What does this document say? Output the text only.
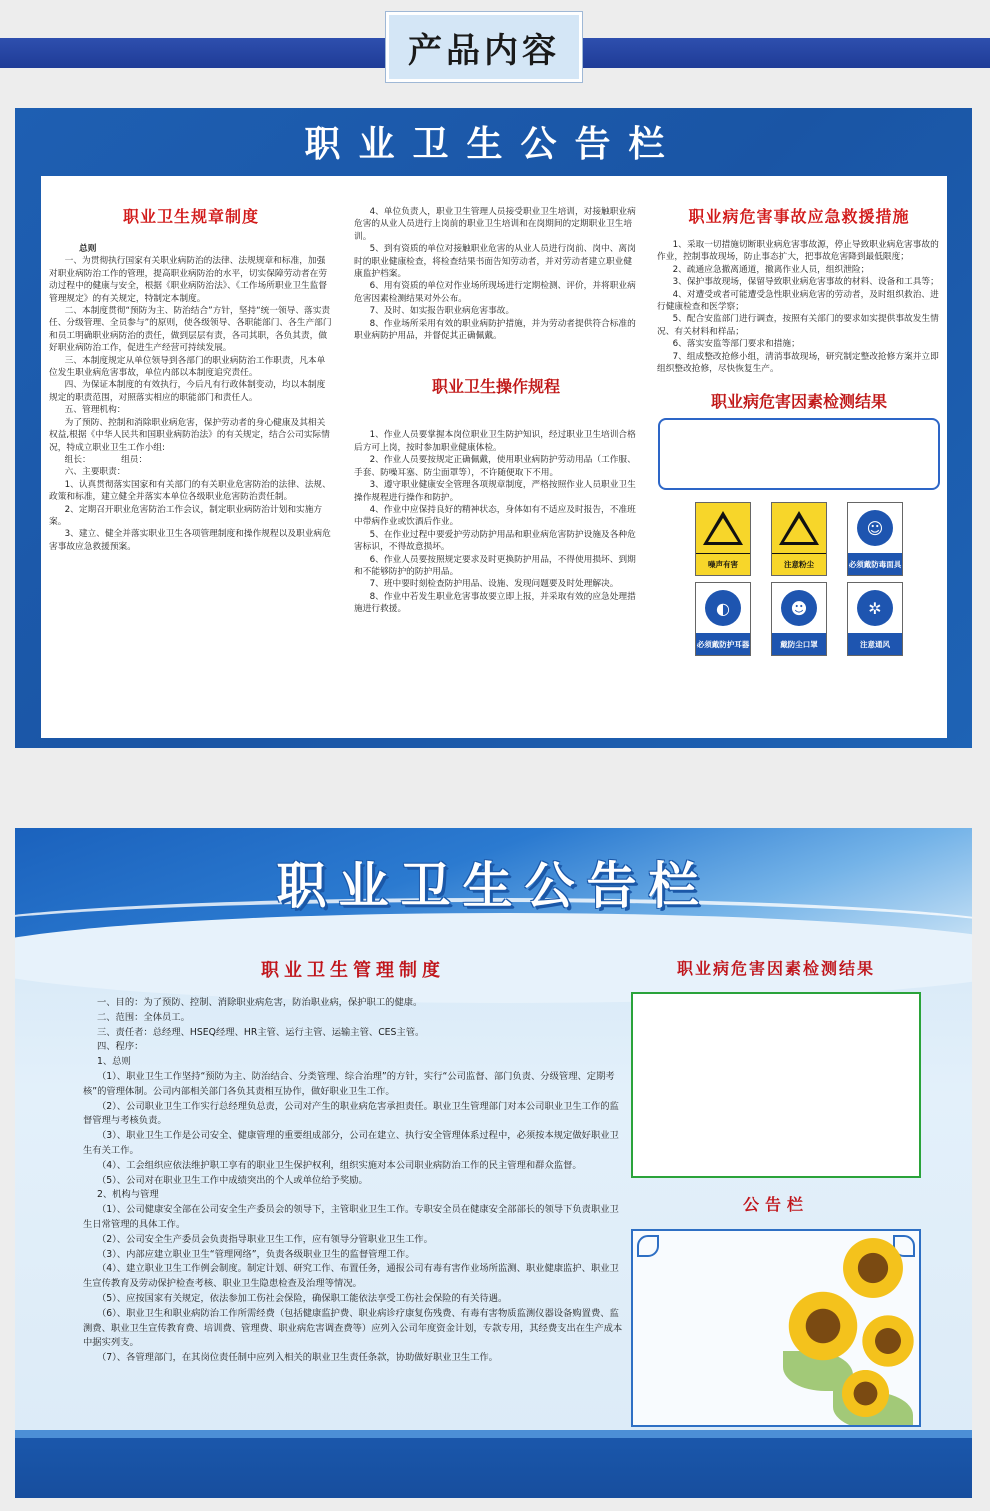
产品内容
职业卫生公告栏
职业卫生规章制度
总则
一、为贯彻执行国家有关职业病防治的法律、法规规章和标准，加强对职业病防治工作的管理，提高职业病防治的水平，切实保障劳动者在劳动过程中的健康与安全，根据《职业病防治法》、《工作场所职业卫生监督管理规定》的有关规定，特制定本制度。
二、本制度贯彻“预防为主、防治结合”方针，坚持“统一领导、落实责任、分级管理、全员参与”的原则，使各级领导、各职能部门、各生产部门和员工明确职业病防治的责任，做到层层有责，各司其职，各负其责，做好职业病防治工作，促进生产经营可持续发展。
三、本制度规定从单位领导到各部门的职业病防治工作职责，凡本单位发生职业病危害事故，单位内部以本制度追究责任。
四、为保证本制度的有效执行，今后凡有行政体制变动，均以本制度规定的职责范围，对照落实相应的职能部门和责任人。
五、管理机构：
为了预防、控制和消除职业病危害，保护劳动者的身心健康及其相关权益,根据《中华人民共和国职业病防治法》的有关规定，结合公司实际情况，特成立职业卫生工作小组:
组长：　　　　组员：
六、主要职责：
1、认真贯彻落实国家和有关部门的有关职业危害防治的法律、法规、政策和标准，建立健全并落实本单位各级职业危害防治责任制。
2、定期召开职业危害防治工作会议，制定职业病防治计划和实施方案。
3、建立、健全并落实职业卫生各项管理制度和操作规程以及职业病危害事故应急救援预案。
4、单位负责人，职业卫生管理人员接受职业卫生培训，对接触职业病危害的从业人员进行上岗前的职业卫生培训和在岗期间的定期职业卫生培训。
5、到有资质的单位对接触职业危害的从业人员进行岗前、岗中、离岗时的职业健康检查，将检查结果书面告知劳动者，并对劳动者建立职业健康监护档案。
6、用有资质的单位对作业场所现场进行定期检测、评价，并将职业病危害因素检测结果对外公布。
7、及时、如实报告职业病危害事故。
8、作业场所采用有效的职业病防护措施，并为劳动者提供符合标准的职业病防护用品，并督促其正确佩戴。
职业卫生操作规程
1、作业人员要掌握本岗位职业卫生防护知识，经过职业卫生培训合格后方可上岗，按时参加职业健康体检。
2、作业人员要按规定正确佩戴，使用职业病防护劳动用品（工作服、手套、防噪耳塞、防尘面罩等），不许随便取下不用。
3、遵守职业健康安全管理各项规章制度，严格按照作业人员职业卫生操作规程进行操作和防护。
4、作业中应保持良好的精神状态，身体如有不适应及时报告，不准班中带病作业或饮酒后作业。
5、在作业过程中要爱护劳动防护用品和职业病危害防护设施及各种危害标识，不得故意损坏。
6、作业人员要按照规定要求及时更换防护用品，不得使用损坏、到期和不能够防护的防护用品。
7、班中要时刻检查防护用品、设施、发现问题要及时处理解决。
8、作业中若发生职业危害事故要立即上报，并采取有效的应急处理措施进行救援。
职业病危害事故应急救援措施
1、采取一切措施切断职业病危害事故源，停止导致职业病危害事故的作业，控制事故现场，防止事态扩大，把事故危害降到最低限度；
2、疏通应急撤离通道，撤离作业人员，组织泄险；
3、保护事故现场，保留导致职业病危害事故的材料、设备和工具等；
4、对遭受或者可能遭受急性职业病危害的劳动者，及时组织救治、进行健康检查和医学察；
5、配合安监部门进行调查，按照有关部门的要求如实提供事故发生情况、有关材料和样品；
6、落实安监等部门要求和措施；
7、组成整改抢修小组，清消事故现场，研究制定整改抢修方案并立即组织整改抢修，尽快恢复生产。
职业病危害因素检测结果
噪声有害	注意粉尘
☺
必须戴防毒面具
◐
必须戴防护耳器
☻
戴防尘口罩
✲
注意通风
职业卫生公告栏
职业卫生管理制度
一、目的：为了预防、控制、消除职业病危害，防治职业病，保护职工的健康。
二、范围：全体员工。
三、责任者：总经理、HSEQ经理、HR主管、运行主管、运输主管、CES主管。
四、程序：
1、总则
（1）、职业卫生工作坚持“预防为主、防治结合、分类管理、综合治理”的方针，实行“公司监督、部门负责、分级管理、定期考核”的管理体制。公司内部相关部门各负其责相互协作，做好职业卫生工作。
（2）、公司职业卫生工作实行总经理负总责，公司对产生的职业病危害承担责任。职业卫生管理部门对本公司职业卫生工作的监督管理与考核负责。
（3）、职业卫生工作是公司安全、健康管理的重要组成部分，公司在建立、执行安全管理体系过程中，必须按本规定做好职业卫生有关工作。
（4）、工会组织应依法维护职工享有的职业卫生保护权利，组织实施对本公司职业病防治工作的民主管理和群众监督。
（5）、公司对在职业卫生工作中成绩突出的个人或单位给予奖励。
2、机构与管理
（1）、公司健康安全部在公司安全生产委员会的领导下，主管职业卫生工作。专职安全员在健康安全部部长的领导下负责职业卫生日常管理的具体工作。
（2）、公司安全生产委员会负责指导职业卫生工作，应有领导分管职业卫生工作。
（3）、内部应建立职业卫生“管理网络”，负责各级职业卫生的监督管理工作。
（4）、建立职业卫生工作例会制度。制定计划、研究工作、布置任务，通报公司有毒有害作业场所监测、职业健康监护、职业卫生宣传教育及劳动保护检查考核、职业卫生隐患检查及治理等情况。
（5）、应按国家有关规定，依法参加工伤社会保险，确保职工能依法享受工伤社会保险的有关待遇。
（6）、职业卫生和职业病防治工作所需经费（包括健康监护费、职业病诊疗康复伤残费、有毒有害物质监测仪器设备购置费、监测费、职业卫生宣传教育费、培训费、管理费、职业病危害调查费等）应列入公司年度资金计划，专款专用，其经费支出在生产成本中据实列支。
（7）、各管理部门，在其岗位责任制中应列入相关的职业卫生责任条款，协助做好职业卫生工作。
职业病危害因素检测结果
公告栏
